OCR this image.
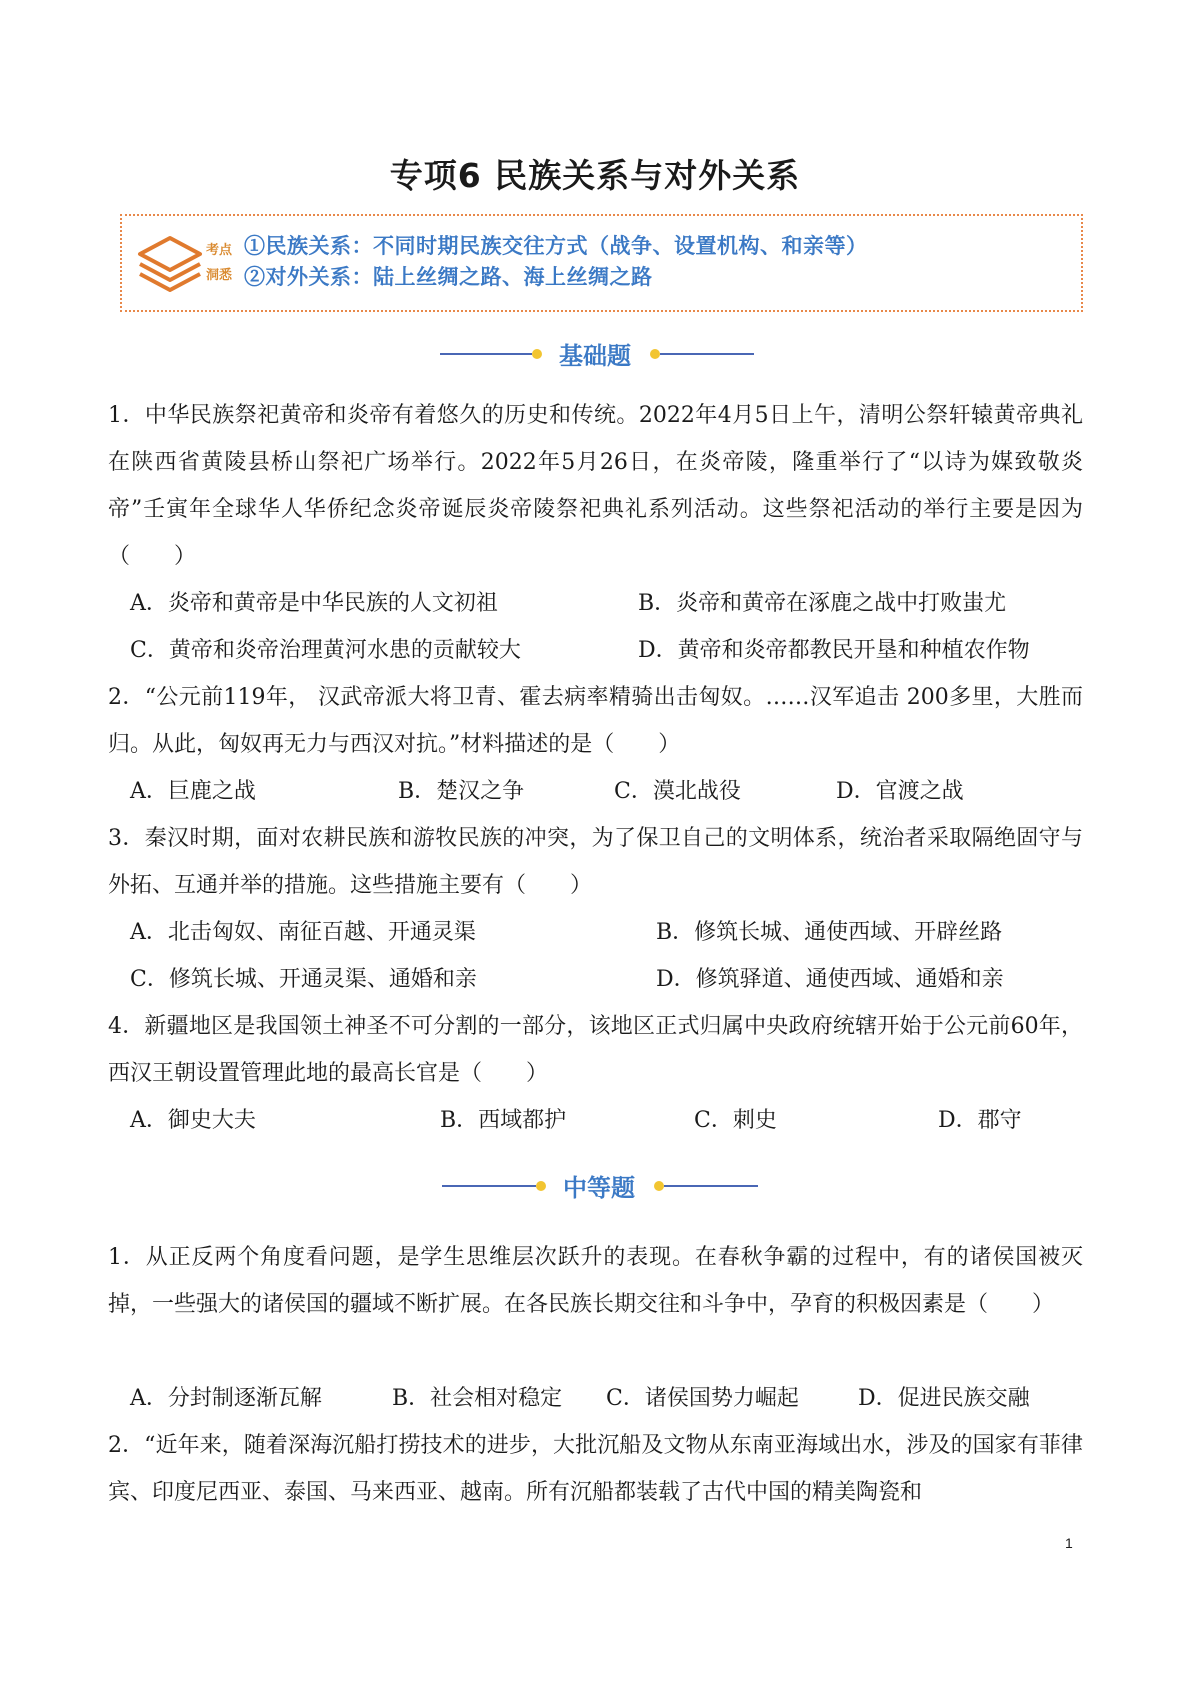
专项6 民族关系与对外关系
考点
洞悉
①民族关系：不同时期民族交往方式（战争、设置机构、和亲等）
②对外关系：陆上丝绸之路、海上丝绸之路
基础题
1．中华民族祭祀黄帝和炎帝有着悠久的历史和传统。2022年4月5日上午，清明公祭轩辕黄帝典礼在陕西省黄陵县桥山祭祀广场举行。2022年5月26日，在炎帝陵，隆重举行了“以诗为媒致敬炎帝”壬寅年全球华人华侨纪念炎帝诞辰炎帝陵祭祀典礼系列活动。这些祭祀活动的举行主要是因为（　　）
A．炎帝和黄帝是中华民族的人文初祖	B．炎帝和黄帝在涿鹿之战中打败蚩尤
C．黄帝和炎帝治理黄河水患的贡献较大	D．黄帝和炎帝都教民开垦和种植农作物
2．“公元前119年， 汉武帝派大将卫青、霍去病率精骑出击匈奴。……汉军追击 200多里，大胜而归。从此，匈奴再无力与西汉对抗。”材料描述的是（　　）
A．巨鹿之战	B．楚汉之争	C．漠北战役	D．官渡之战
3．秦汉时期，面对农耕民族和游牧民族的冲突，为了保卫自己的文明体系，统治者采取隔绝固守与外拓、互通并举的措施。这些措施主要有（　　）
A．北击匈奴、南征百越、开通灵渠	B．修筑长城、通使西域、开辟丝路
C．修筑长城、开通灵渠、通婚和亲	D．修筑驿道、通使西域、通婚和亲
4．新疆地区是我国领土神圣不可分割的一部分，该地区正式归属中央政府统辖开始于公元前60年，西汉王朝设置管理此地的最高长官是（　　）
A．御史大夫	B．西域都护	C．刺史	D．郡守
中等题
1．从正反两个角度看问题，是学生思维层次跃升的表现。在春秋争霸的过程中，有的诸侯国被灭掉，一些强大的诸侯国的疆域不断扩展。在各民族长期交往和斗争中，孕育的积极因素是（　　）
A．分封制逐渐瓦解	B．社会相对稳定 C．诸侯国势力崛起	D．促进民族交融
2．“近年来，随着深海沉船打捞技术的进步，大批沉船及文物从东南亚海域出水，涉及的国家有菲律宾、印度尼西亚、泰国、马来西亚、越南。所有沉船都装载了古代中国的精美陶瓷和
1
